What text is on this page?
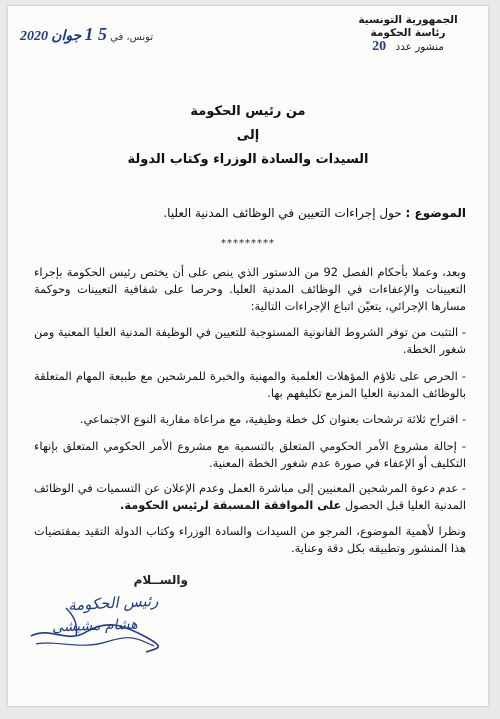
الجمهورية التونسية
رئاسة الحكومة
منشور عدد 20
تونس، في 5 1 جوان 2020
من رئيس الحكومة
إلى
السيدات والسادة الوزراء وكتاب الدولة
الموضوع : حول إجراءات التعيين في الوظائف المدنية العليا.
*********
وبعد، وعملا بأحكام الفصل 92 من الدستور الذي ينص على أن يختص رئيس الحكومة بإجراء التعيينات والإعفاءات في الوظائف المدنية العليا. وحرصا على شفافية التعيينات وحوكمة مسارها الإجرائي، يتعيّن اتباع الإجراءات التالية:
- التثبت من توفر الشروط القانونية المستوجبة للتعيين في الوظيفة المدنية العليا المعنية ومن شغور الخطة.
- الحرص على تلاؤم المؤهلات العلمية والمهنية والخبرة للمرشحين مع طبيعة المهام المتعلقة بالوظائف المدنية العليا المزمع تكليفهم بها.
- اقتراح ثلاثة ترشحات بعنوان كل خطة وظيفية، مع مراعاة مقاربة النوع الاجتماعي.
- إحالة مشروع الأمر الحكومي المتعلق بالتسمية مع مشروع الأمر الحكومي المتعلق بإنهاء التكليف أو الإعفاء في صورة عدم شغور الخطة المعنية.
- عدم دعوة المرشحين المعنيين إلى مباشرة العمل وعدم الإعلان عن التسميات في الوظائف المدنية العليا قبل الحصول على الموافقة المسبقة لرئيس الحكومة.
ونظرا لأهمية الموضوع، المرجو من السيدات والسادة الوزراء وكتاب الدولة التقيد بمقتضيات هذا المنشور وتطبيقه بكل دقة وعناية.
والســلام
رئيس الحكومة
هشام مشيشي
